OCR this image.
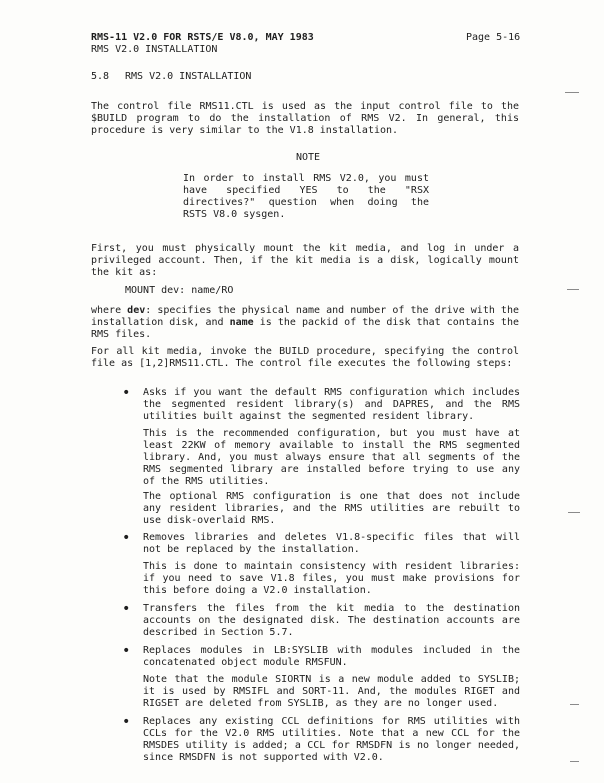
RMS-11 V2.0 FOR RSTS/E V8.0, MAY 1983
RMS V2.0 INSTALLATION
Page 5-16
5.8 RMS V2.0 INSTALLATION
The control file RMS11.CTL is used as the input control file to the $BUILD program to do the installation of RMS V2. In general, this procedure is very similar to the V1.8 installation.
NOTE
In order to install RMS V2.0, you must have specified YES to the "RSX directives?" question when doing the RSTS V8.0 sysgen.
First, you must physically mount the kit media, and log in under a privileged account. Then, if the kit media is a disk, logically mount the kit as:
MOUNT dev: name/RO
where dev: specifies the physical name and number of the drive with the installation disk, and name is the packid of the disk that contains the RMS files.
For all kit media, invoke the BUILD procedure, specifying the control file as [1,2]RMS11.CTL. The control file executes the following steps:
• Asks if you want the default RMS configuration which includes the segmented resident library(s) and DAPRES, and the RMS utilities built against the segmented resident library.
This is the recommended configuration, but you must have at least 22KW of memory available to install the RMS segmented library. And, you must always ensure that all segments of the RMS segmented library are installed before trying to use any of the RMS utilities.
The optional RMS configuration is one that does not include any resident libraries, and the RMS utilities are rebuilt to use disk-overlaid RMS.
• Removes libraries and deletes V1.8-specific files that will not be replaced by the installation.
This is done to maintain consistency with resident libraries: if you need to save V1.8 files, you must make provisions for this before doing a V2.0 installation.
• Transfers the files from the kit media to the destination accounts on the designated disk. The destination accounts are described in Section 5.7.
• Replaces modules in LB:SYSLIB with modules included in the concatenated object module RMSFUN.
Note that the module SIORTN is a new module added to SYSLIB; it is used by RMSIFL and SORT-11. And, the modules RIGET and RIGSET are deleted from SYSLIB, as they are no longer used.
• Replaces any existing CCL definitions for RMS utilities with CCLs for the V2.0 RMS utilities. Note that a new CCL for the RMSDES utility is added; a CCL for RMSDFN is no longer needed, since RMSDFN is not supported with V2.0.
